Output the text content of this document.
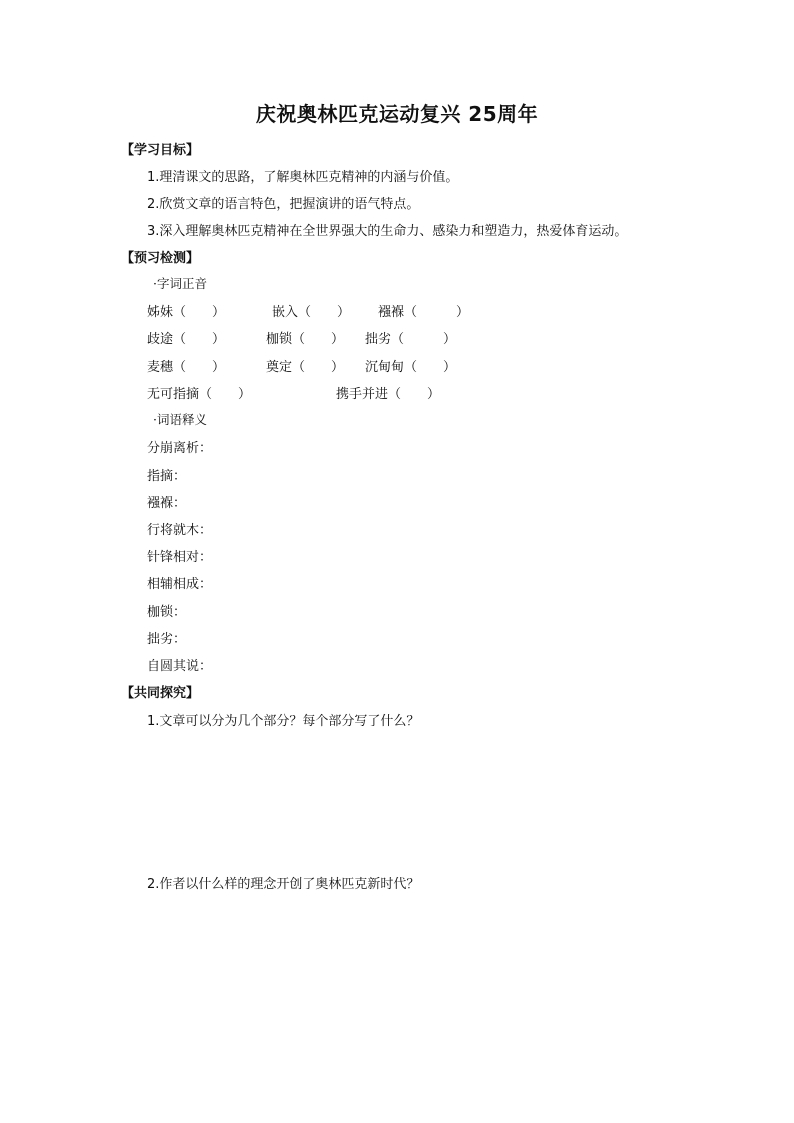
庆祝奥林匹克运动复兴 25周年
【学习目标】
1.理清课文的思路，了解奥林匹克精神的内涵与价值。
2.欣赏文章的语言特色，把握演讲的语气特点。
3.深入理解奥林匹克精神在全世界强大的生命力、感染力和塑造力，热爱体育运动。
【预习检测】
·字词正音
姊妹（　　）	嵌入（　　） 襁褓（　　　）
歧途（　　）	枷锁（　　） 拙劣（　　　）
麦穗（　　）	奠定（　　） 沉甸甸（　　）
无可指摘（　　）	携手并进（　　）
·词语释义
分崩离析：
指摘：
襁褓：
行将就木：
针锋相对：
相辅相成：
枷锁：
拙劣：
自圆其说：
【共同探究】
1.文章可以分为几个部分？每个部分写了什么？
2.作者以什么样的理念开创了奥林匹克新时代？
